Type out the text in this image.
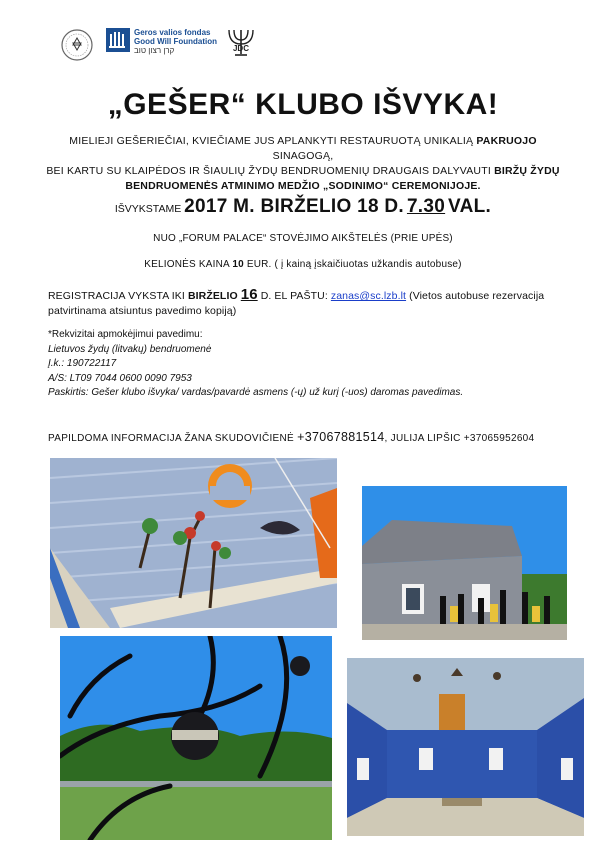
Geros valios fondas
Good Will Foundation
קרן רצון טוב	JDC
„GEŠER“ KLUBO IŠVYKA!
MIELIEJI GEŠERIEČIAI, KVIEČIAME JUS APLANKYTI RESTAURUOTĄ UNIKALIĄ PAKRUOJO SINAGOGĄ,
BEI KARTU SU KLAIPĖDOS IR ŠIAULIŲ ŽYDŲ BENDRUOMENIŲ DRAUGAIS DALYVAUTI BIRŽŲ ŽYDŲ
BENDRUOMENĖS ATMINIMO MEDŽIO „SODINIMO“ CEREMONIJOJE.
IŠVYKSTAME 2017 M. BIRŽELIO 18 D. 7.30 VAL.
NUO „FORUM PALACE“ STOVĖJIMO AIKŠTELĖS (PRIE UPĖS)
KELIONĖS KAINA 10 EUR. ( į kainą įskaičiuotas užkandis autobuse)
REGISTRACIJA VYKSTA IKI BIRŽELIO 16 D. EL PAŠTU: zanas@sc.lzb.lt (Vietos autobuse rezervacija patvirtinama atsiuntus pavedimo kopiją)
*Rekvizitai apmokėjimui pavedimu:
Lietuvos žydų (litvakų) bendruomenė
Į.k.: 190722117
A/S: LT09 7044 0600 0090 7953
Paskirtis: Gešer klubo išvyka/ vardas/pavardė asmens (-ų) už kurį (-uos) daromas pavedimas.
PAPILDOMA INFORMACIJA ŽANA SKUDOVIČIENĖ +37067881514, JULIJA LIPŠIC +37065952604
